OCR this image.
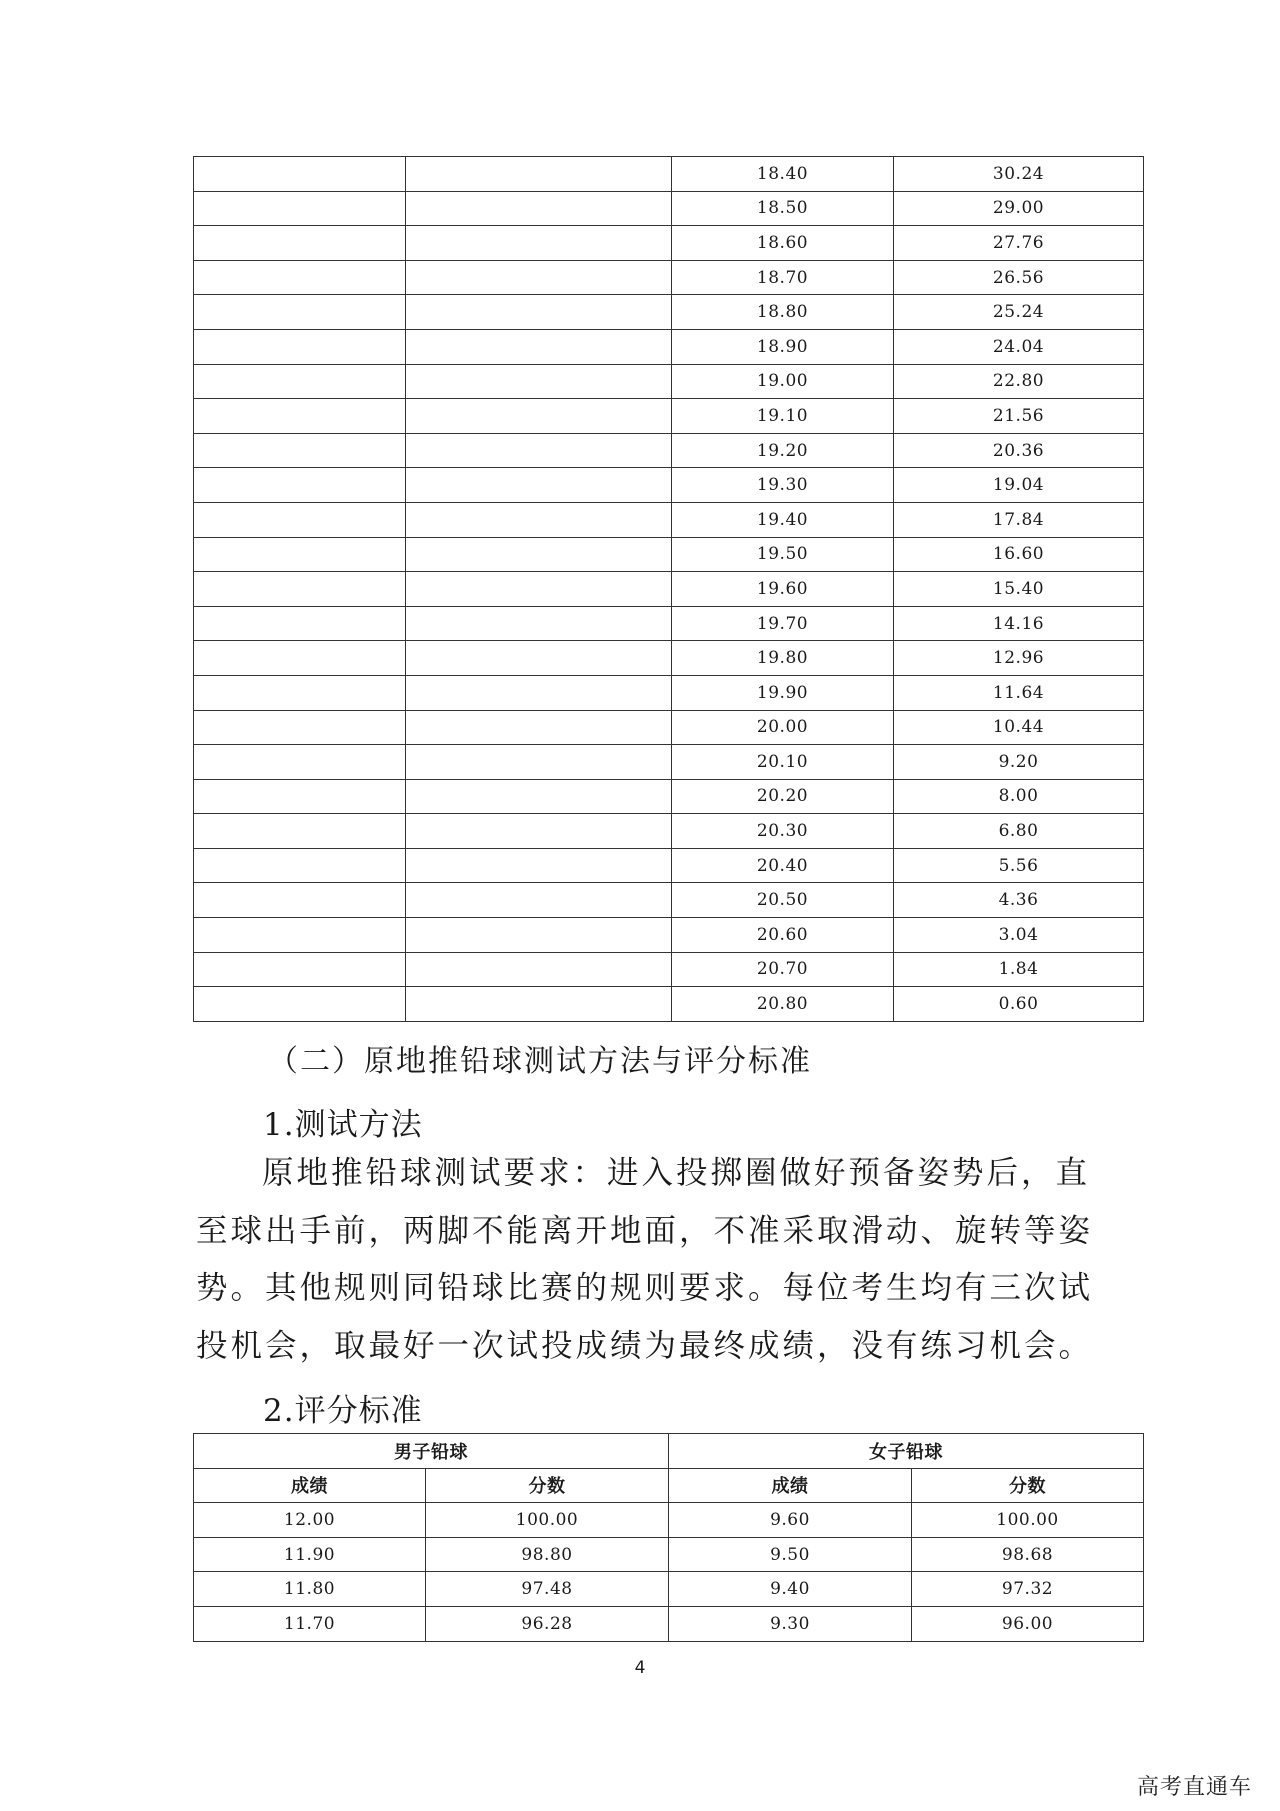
		18.40	30.24
		18.50	29.00
		18.60	27.76
		18.70	26.56
		18.80	25.24
		18.90	24.04
		19.00	22.80
		19.10	21.56
		19.20	20.36
		19.30	19.04
		19.40	17.84
		19.50	16.60
		19.60	15.40
		19.70	14.16
		19.80	12.96
		19.90	11.64
		20.00	10.44
		20.10	9.20
		20.20	8.00
		20.30	6.80
		20.40	5.56
		20.50	4.36
		20.60	3.04
		20.70	1.84
		20.80	0.60
（二）原地推铅球测试方法与评分标准
1.测试方法

原地推铅球测试要求：进入投掷圈做好预备姿势后，直至球出手前，两脚不能离开地面，不准采取滑动、旋转等姿势。其他规则同铅球比赛的规则要求。每位考生均有三次试投机会，取最好一次试投成绩为最终成绩，没有练习机会。

2.评分标准
男子铅球		女子铅球	
成绩	分数	成绩	分数
12.00	100.00	9.60	100.00
11.90	98.80	9.50	98.68
11.80	97.48	9.40	97.32
11.70	96.28	9.30	96.00
4
高考直通车
